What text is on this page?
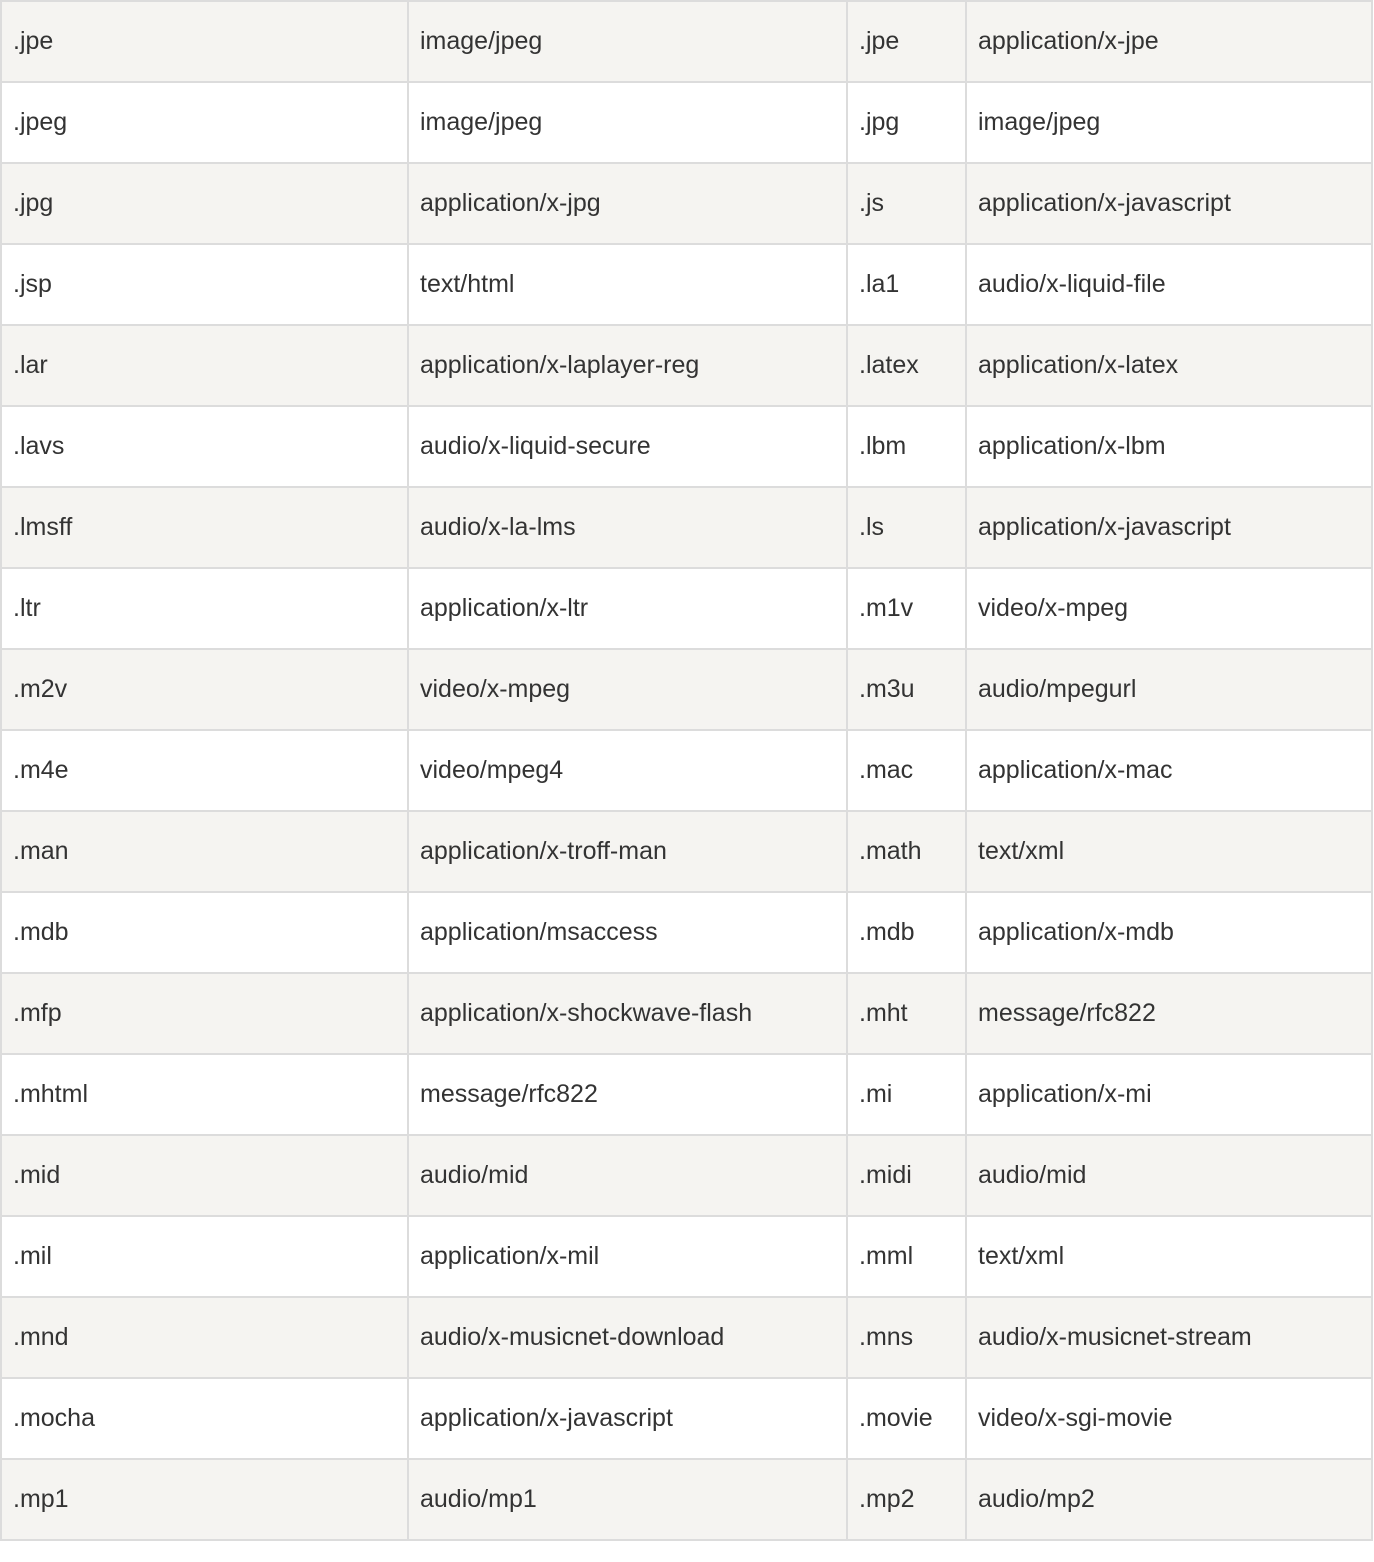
.jpe	image/jpeg	.jpe	application/x-jpe
.jpeg	image/jpeg	.jpg	image/jpeg
.jpg	application/x-jpg	.js	application/x-javascript
.jsp	text/html	.la1	audio/x-liquid-file
.lar	application/x-laplayer-reg	.latex	application/x-latex
.lavs	audio/x-liquid-secure	.lbm	application/x-lbm
.lmsff	audio/x-la-lms	.ls	application/x-javascript
.ltr	application/x-ltr	.m1v	video/x-mpeg
.m2v	video/x-mpeg	.m3u	audio/mpegurl
.m4e	video/mpeg4	.mac	application/x-mac
.man	application/x-troff-man	.math	text/xml
.mdb	application/msaccess	.mdb	application/x-mdb
.mfp	application/x-shockwave-flash	.mht	message/rfc822
.mhtml	message/rfc822	.mi	application/x-mi
.mid	audio/mid	.midi	audio/mid
.mil	application/x-mil	.mml	text/xml
.mnd	audio/x-musicnet-download	.mns	audio/x-musicnet-stream
.mocha	application/x-javascript	.movie	video/x-sgi-movie
.mp1	audio/mp1	.mp2	audio/mp2
